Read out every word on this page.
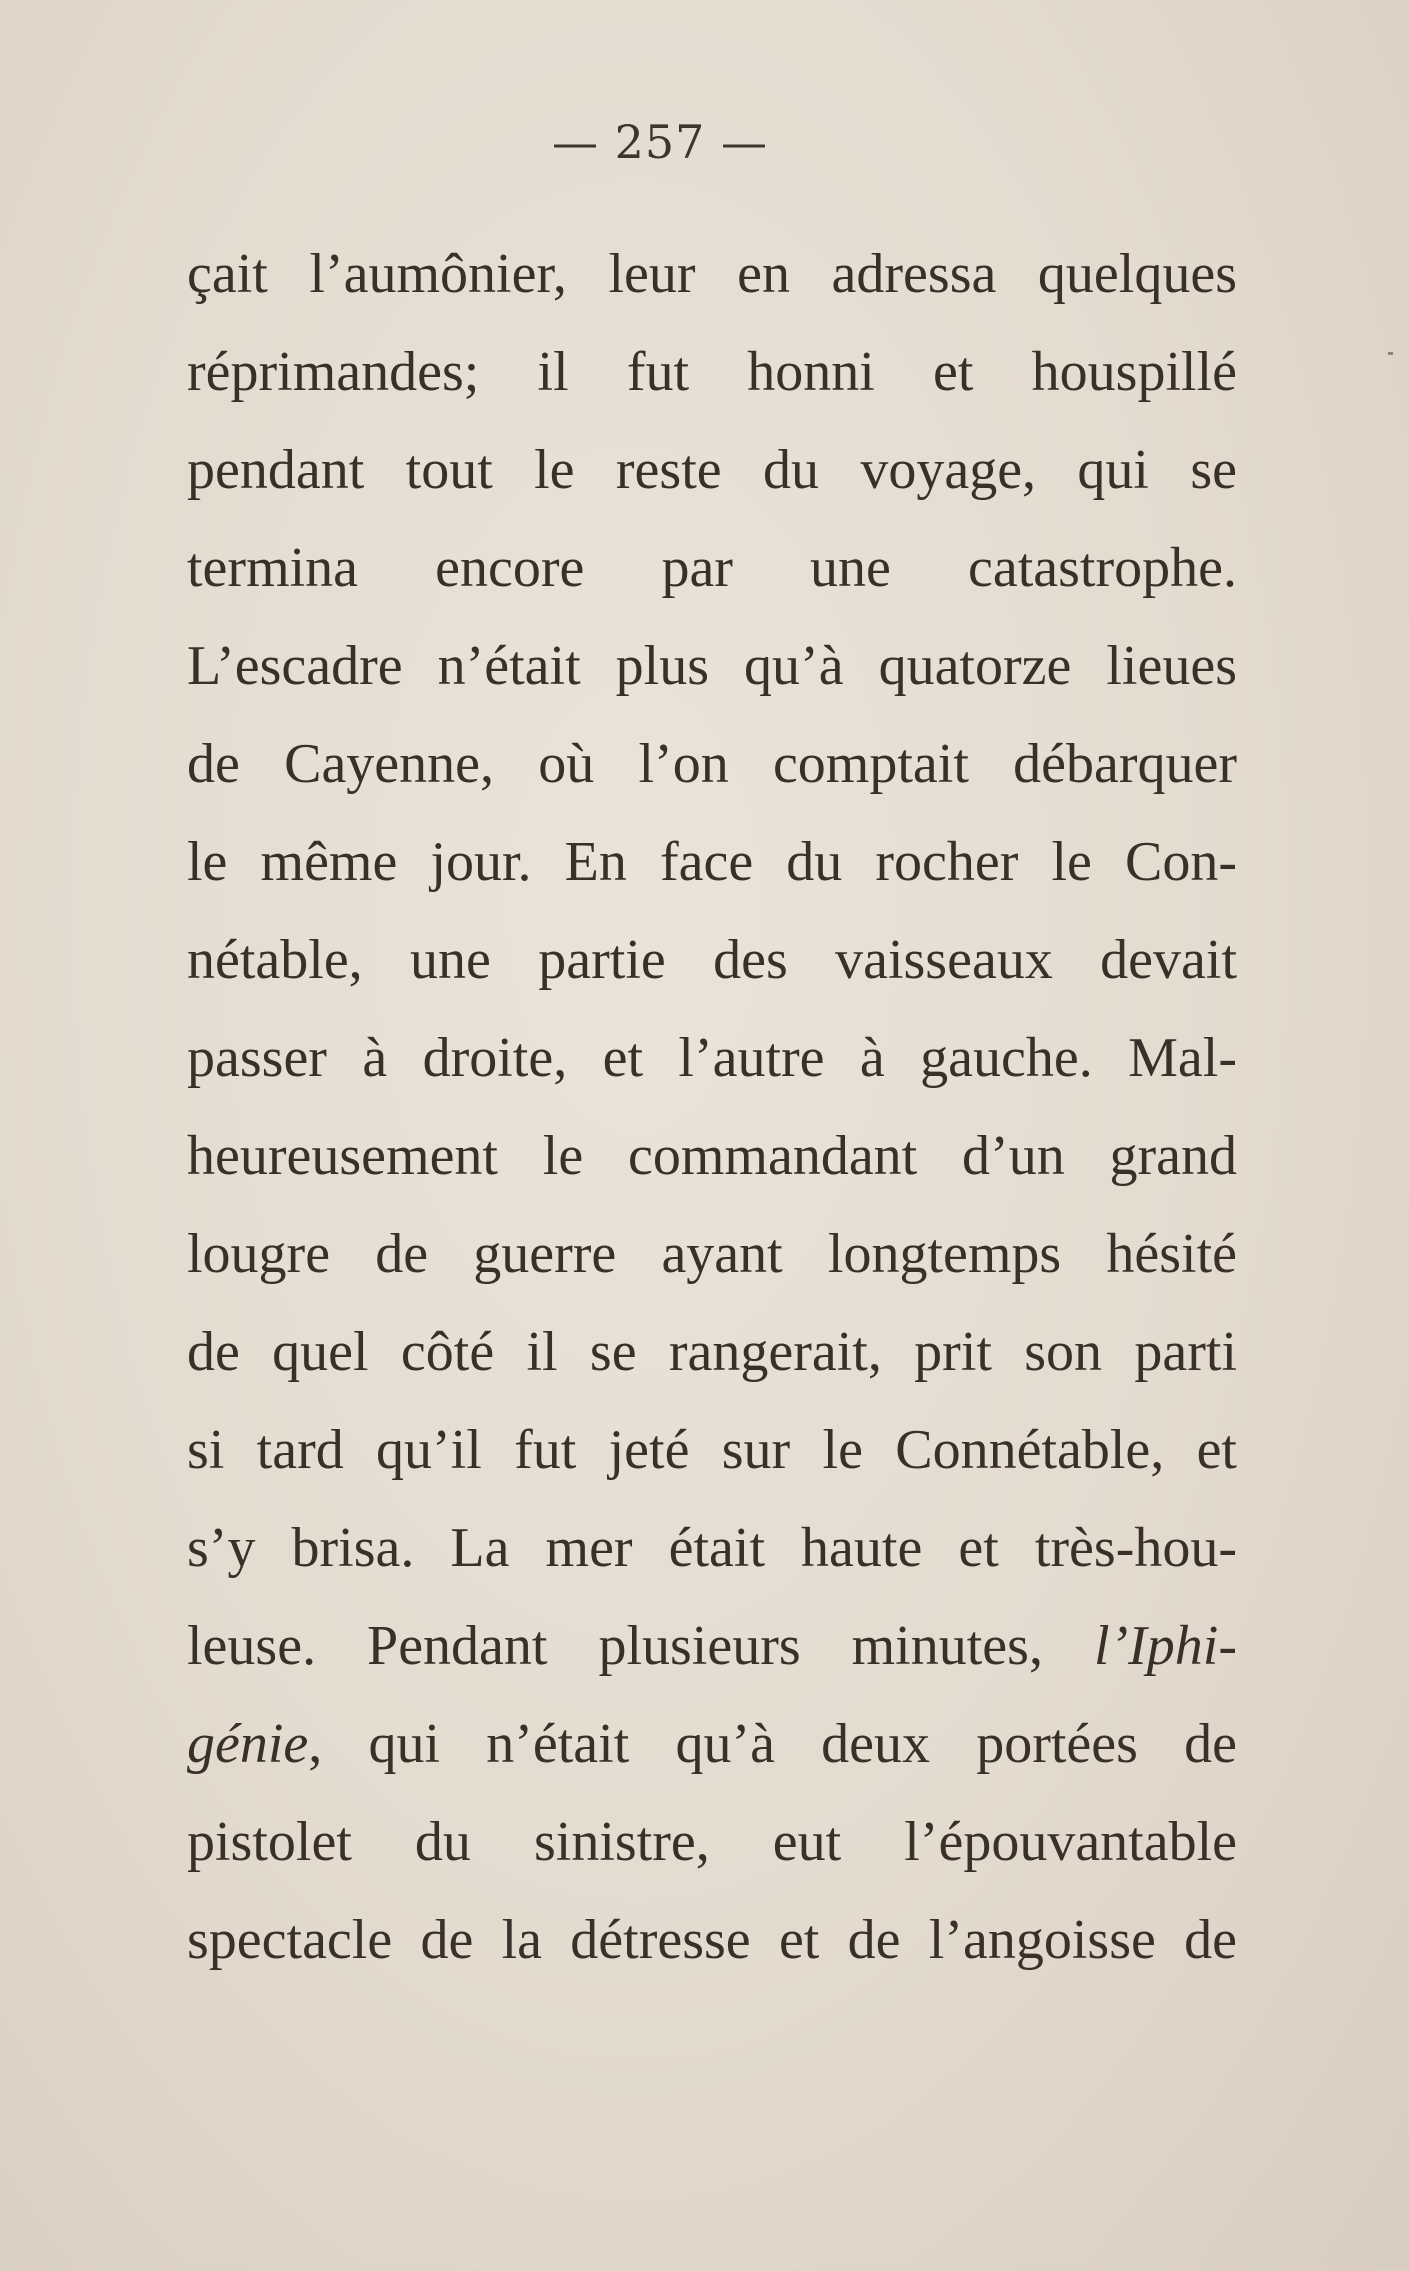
— 257 —
çait l’aumônier, leur en adressa quelques
réprimandes; il fut honni et houspillé
pendant tout le reste du voyage, qui se
termina encore par une catastrophe.
L’escadre n’était plus qu’à quatorze lieues
de Cayenne, où l’on comptait débarquer
le même jour. En face du rocher le Con-
nétable, une partie des vaisseaux devait
passer à droite, et l’autre à gauche. Mal-
heureusement le commandant d’un grand
lougre de guerre ayant longtemps hésité
de quel côté il se rangerait, prit son parti
si tard qu’il fut jeté sur le Connétable, et
s’y brisa. La mer était haute et très-hou-
leuse. Pendant plusieurs minutes, l’Iphi-
génie, qui n’était qu’à deux portées de
pistolet du sinistre, eut l’épouvantable
spectacle de la détresse et de l’angoisse de
